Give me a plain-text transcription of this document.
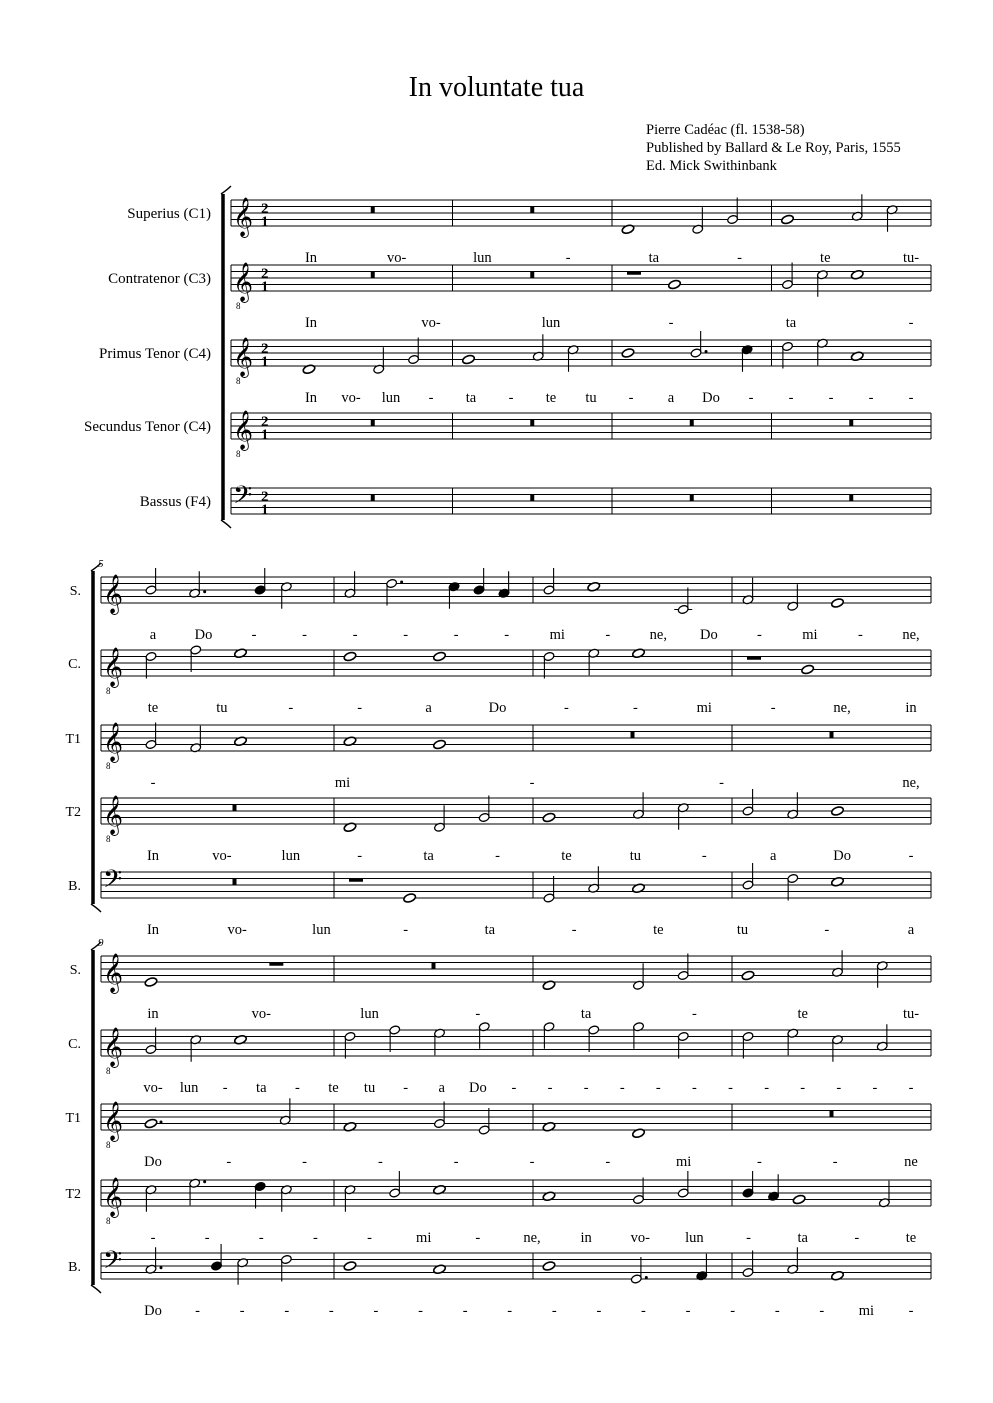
In voluntate tua
Pierre Cadéac (fl. 1538-58)
Published by Ballard & Le Roy, Paris, 1555
Ed. Mick Swithinbank
Superius (C1) 𝄞 2
1
In	vo-	lun	-	ta	-	te	tu-
Contratenor (C3) 𝄞
8
2
1
In	vo-	lun	-	ta	-
Primus Tenor (C4) 𝄞
8
2
1
In vo- lun - ta - te tu - a Do - - - - -
Secundus Tenor (C4) 𝄞
8
2
1
Bassus (F4) 𝄢 2
1
5
S. 𝄞
a	Do	-	-	-	-	-	-	mi	-	ne, Do	-	mi	-	ne,
C. 𝄞
8
te	tu	-	-	a	Do	-	-	mi	-	ne,	in
T1 𝄞
8
-	mi	-	-	ne,
T2 𝄞
8
In	vo-	lun	-	ta	-	te	tu	-	a	Do	-
B. 𝄢
In	vo-	lun	-	ta	-	te	tu	-	a
9
S. 𝄞
in	vo-	lun	-	ta	-	te	tu-
C. 𝄞
8
vo- lun - ta - te tu - a Do - - - - - - - - - - - -
T1 𝄞
8
Do	-	-	-	-	-	-	mi	-	-	ne
T2 𝄞
8
-	-	-	-	-	mi	-	ne,	in	vo- lun	-	ta	-	te
B. 𝄢
Do -	-	-	-	-	-	-	-	-	-	-	-	-	-	- mi -
